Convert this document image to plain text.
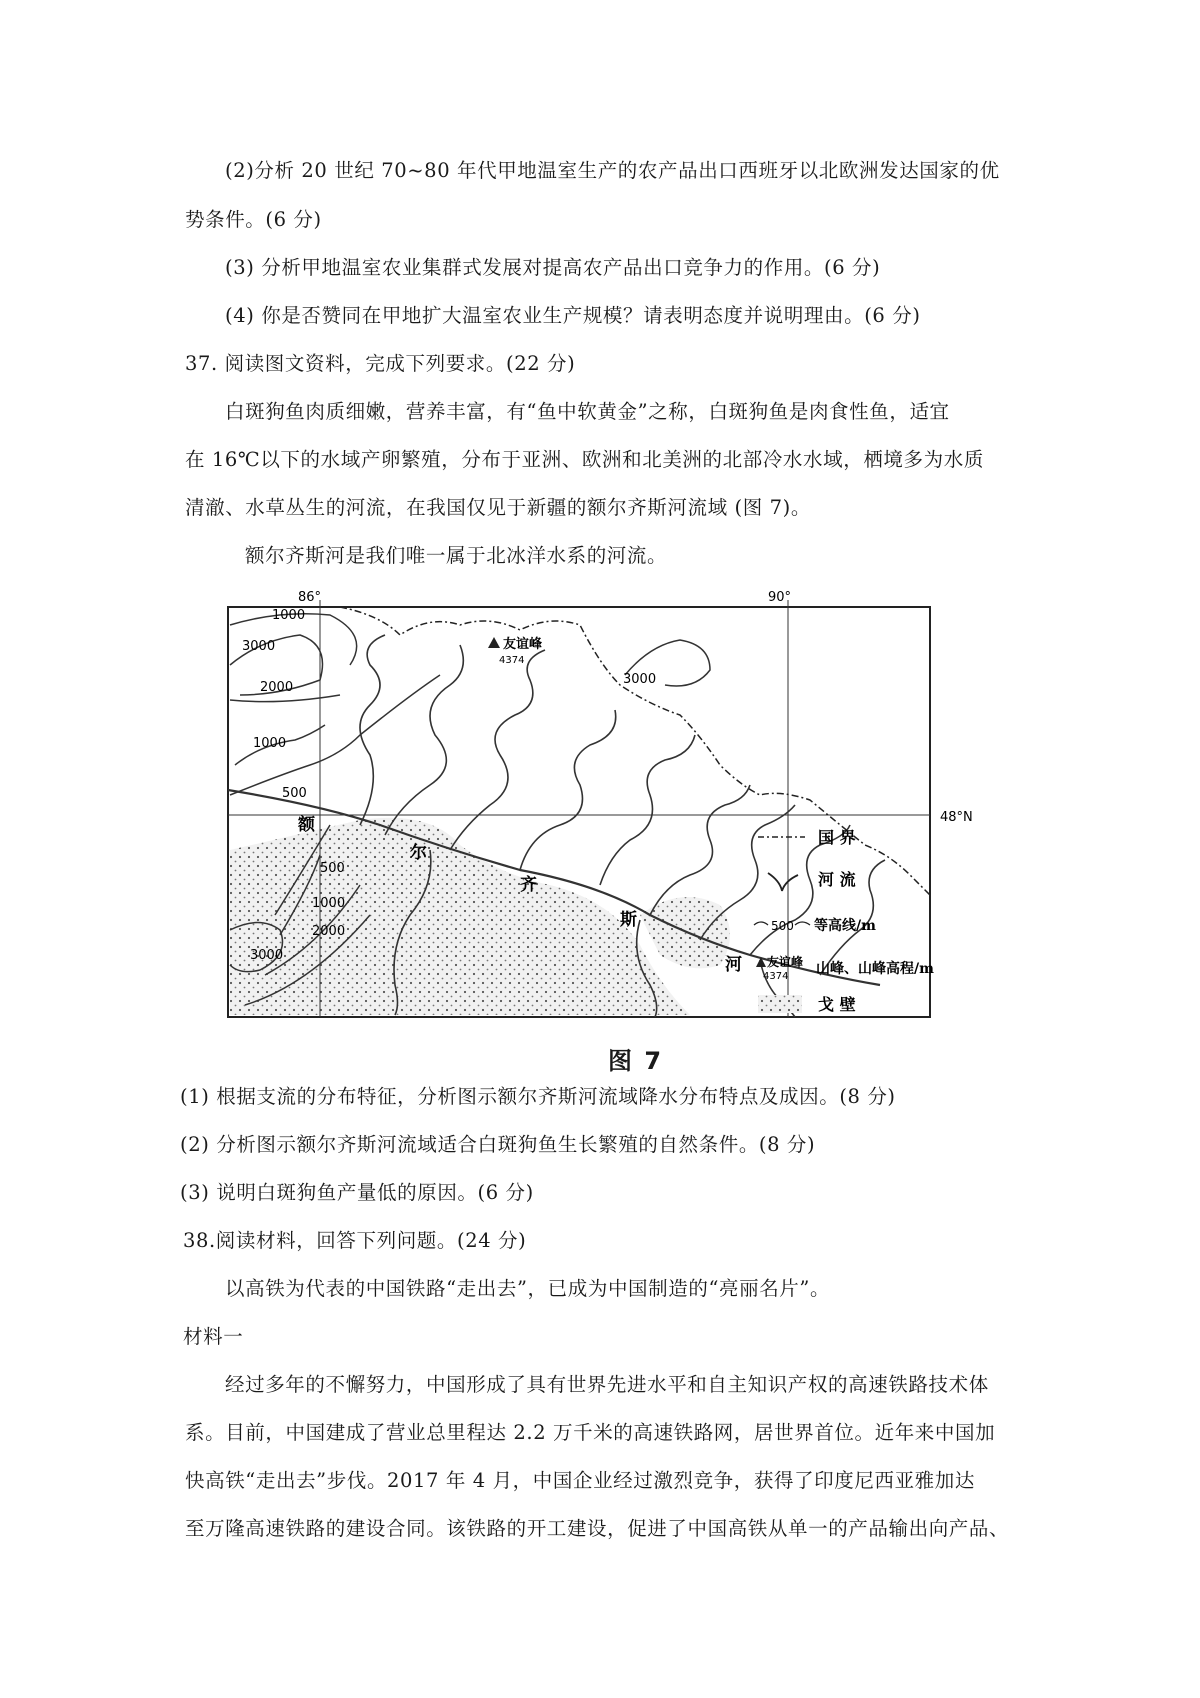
(2)分析 20 世纪 70~80 年代甲地温室生产的农产品出口西班牙以北欧洲发达国家的优
势条件。(6 分)
(3) 分析甲地温室农业集群式发展对提高农产品出口竞争力的作用。(6 分)
(4) 你是否赞同在甲地扩大温室农业生产规模？请表明态度并说明理由。(6 分)
37. 阅读图文资料，完成下列要求。(22 分)
白斑狗鱼肉质细嫩，营养丰富，有“鱼中软黄金”之称，白斑狗鱼是肉食性鱼，适宜
在 16℃以下的水域产卵繁殖，分布于亚洲、欧洲和北美洲的北部冷水水域，栖境多为水质
清澈、水草丛生的河流，在我国仅见于新疆的额尔齐斯河流域 (图 7)。
额尔齐斯河是我们唯一属于北冰洋水系的河流。
86°	90°
48°N
1000
3000
2000
1000
500
500
1000
2000
3000
3000
额
尔
齐
斯
河
友谊峰
4374
国 界
河 流
500 等高线/m
友谊峰
4374 山峰、山峰高程/m
戈 壁
图 7
(1) 根据支流的分布特征，分析图示额尔齐斯河流域降水分布特点及成因。(8 分)
(2) 分析图示额尔齐斯河流域适合白斑狗鱼生长繁殖的自然条件。(8 分)
(3) 说明白斑狗鱼产量低的原因。(6 分)
38.阅读材料，回答下列问题。(24 分)
以高铁为代表的中国铁路“走出去”，已成为中国制造的“亮丽名片”。
材料一
经过多年的不懈努力，中国形成了具有世界先进水平和自主知识产权的高速铁路技术体
系。目前，中国建成了营业总里程达 2.2 万千米的高速铁路网，居世界首位。近年来中国加
快高铁“走出去”步伐。2017 年 4 月，中国企业经过激烈竞争，获得了印度尼西亚雅加达
至万隆高速铁路的建设合同。该铁路的开工建设，促进了中国高铁从单一的产品输出向产品、
